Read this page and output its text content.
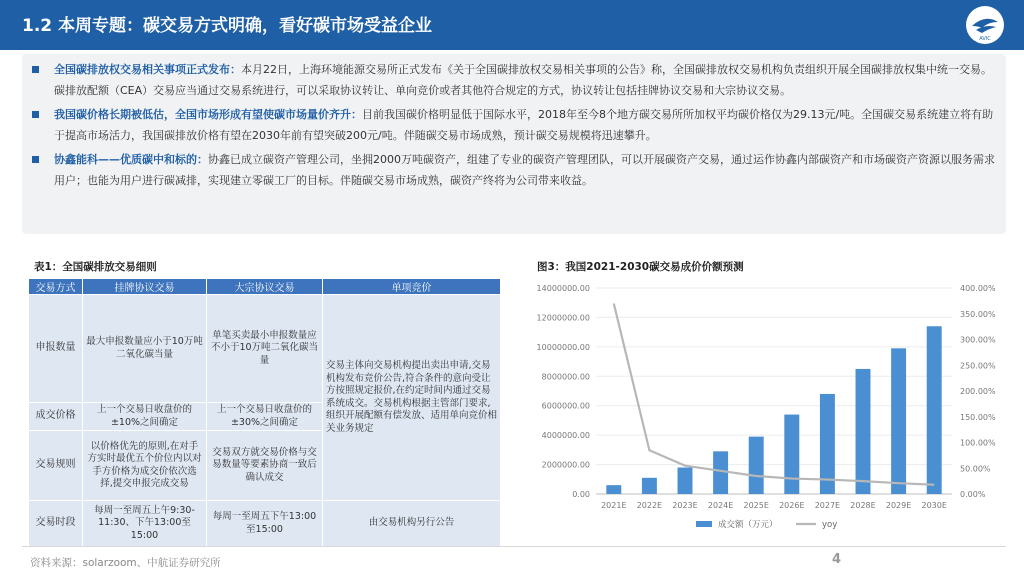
1.2 本周专题：碳交易方式明确，看好碳市场受益企业
AVIC
全国碳排放权交易相关事项正式发布：本月22日，上海环境能源交易所正式发布《关于全国碳排放权交易相关事项的公告》称，全国碳排放权交易机构负责组织开展全国碳排放权集中统一交易。碳排放配额（CEA）交易应当通过交易系统进行，可以采取协议转让、单向竞价或者其他符合规定的方式，协议转让包括挂牌协议交易和大宗协议交易。
我国碳价格长期被低估，全国市场形成有望使碳市场量价齐升：目前我国碳价格明显低于国际水平，2018年至今8个地方碳交易所所加权平均碳价格仅为29.13元/吨。全国碳交易系统建立将有助于提高市场活力，我国碳排放价格有望在2030年前有望突破200元/吨。伴随碳交易市场成熟，预计碳交易规模将迅速攀升。
协鑫能科——优质碳中和标的：协鑫已成立碳资产管理公司，坐拥2000万吨碳资产，组建了专业的碳资产管理团队，可以开展碳资产交易，通过运作协鑫内部碳资产和市场碳资产资源以服务需求用户；也能为用户进行碳减排，实现建立零碳工厂的目标。伴随碳交易市场成熟，碳资产终将为公司带来收益。
表1：全国碳排放交易细则
交易方式	挂牌协议交易	大宗协议交易	单项竞价
申报数量	最大申报数量应小于10万吨二氧化碳当量	单笔买卖最小申报数量应不小于10万吨二氧化碳当量	交易主体向交易机构提出卖出申请,交易机构发布竞价公告,符合条件的意向受让方按照规定报价,在约定时间内通过交易系统成交。交易机构根据主管部门要求,组织开展配额有偿发放、适用单向竞价相关业务规定
成交价格	上一个交易日收盘价的±10%之间确定	上一个交易日收盘价的±30%之间确定	
交易规则	以价格优先的原则,在对手方实时最优五个价位内以对手方价格为成交价依次选择,提交申报完成交易	交易双方就交易价格与交易数量等要素协商一致后确认成交	
交易时段	每周一至周五上午9:30-11:30、下午13:00至15:00	每周一至周五下午13:00至15:00	由交易机构另行公告
图3：我国2021-2030碳交易成价价额预测
0.00
2000000.00
4000000.00
6000000.00
8000000.00
10000000.00
12000000.00
14000000.00
0.00%
50.00%
100.00%
150.00%
200.00%
250.00%
300.00%
350.00%
400.00%
2021E 2022E 2023E 2024E 2025E 2026E 2027E 2028E 2029E 2030E
成交额（万元）	yoy
资料来源：solarzoom、中航证券研究所	4
